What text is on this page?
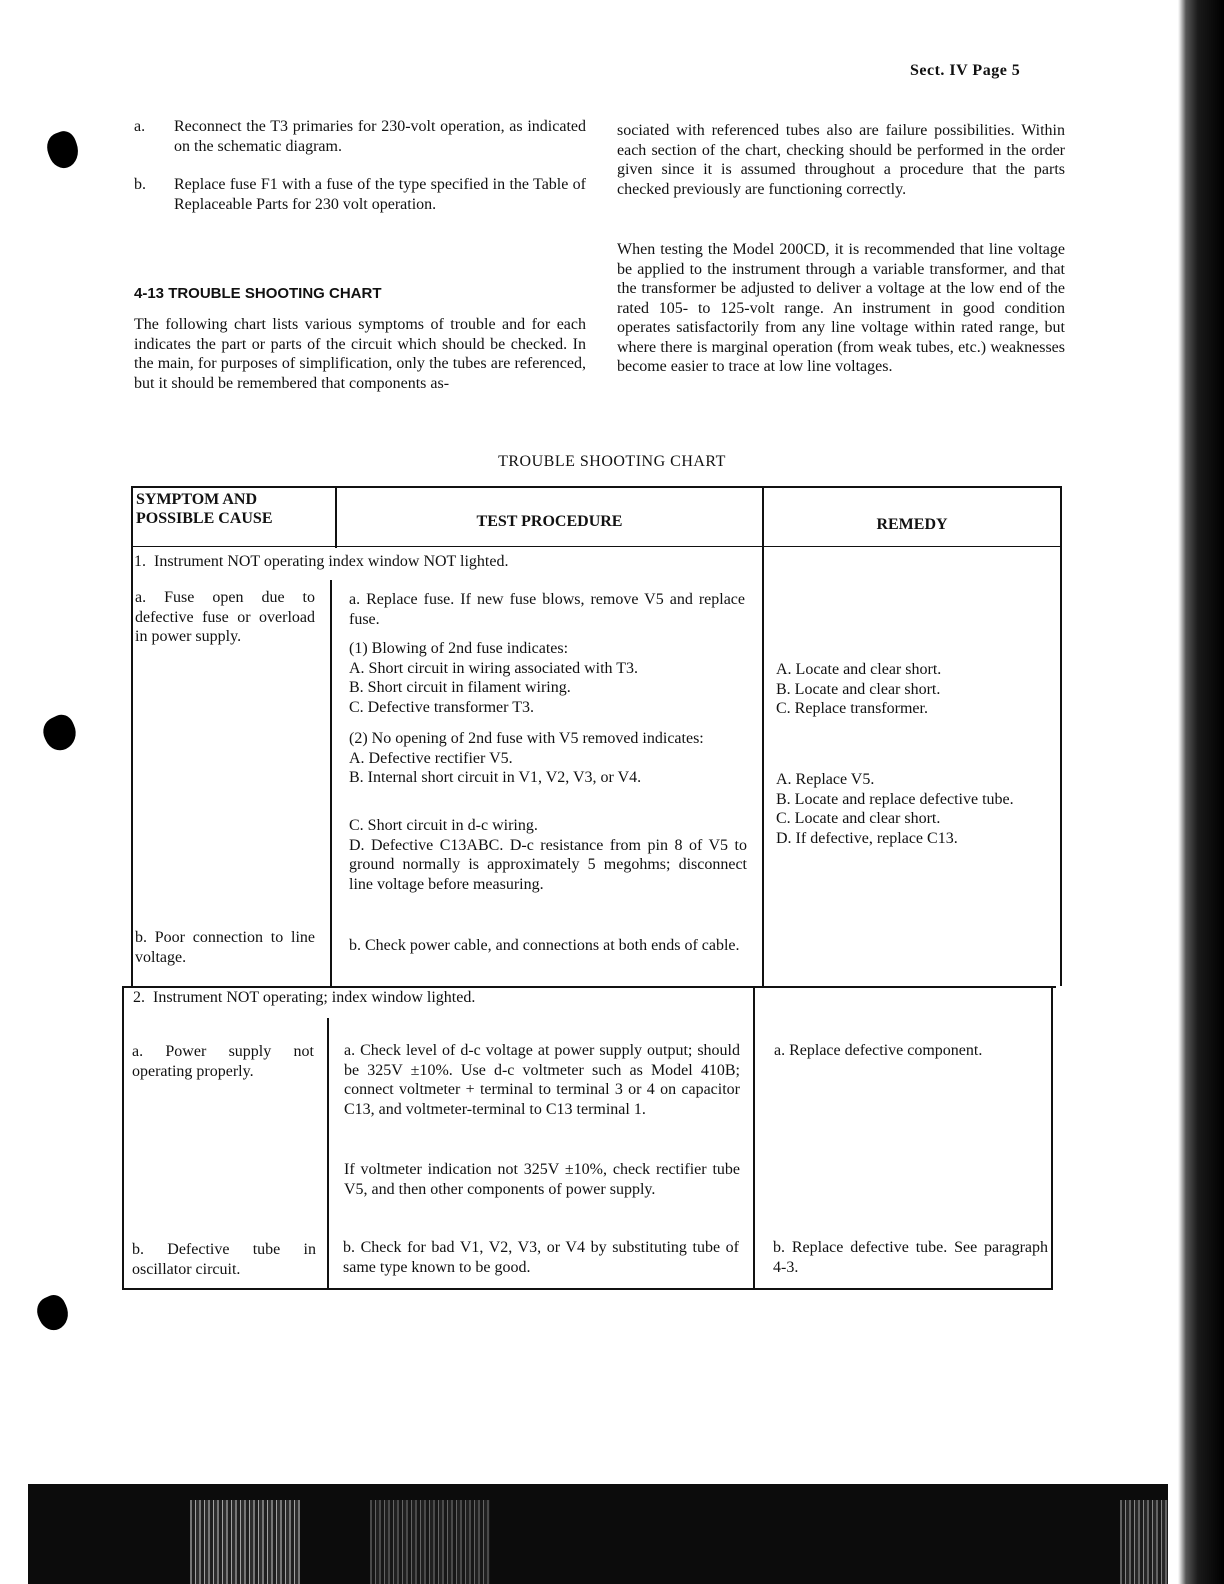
Sect. IV Page 5
a. Reconnect the T3 primaries for 230-volt operation, as indicated on the schematic diagram.
b. Replace fuse F1 with a fuse of the type specified in the Table of Replaceable Parts for 230 volt operation.
4-13 TROUBLE SHOOTING CHART
The following chart lists various symptoms of trouble and for each indicates the part or parts of the circuit which should be checked. In the main, for purposes of simplification, only the tubes are referenced, but it should be remembered that components as-
sociated with referenced tubes also are failure possibilities. Within each section of the chart, checking should be performed in the order given since it is assumed throughout a procedure that the parts checked previously are functioning correctly.
When testing the Model 200CD, it is recommended that line voltage be applied to the instrument through a variable transformer, and that the transformer be adjusted to deliver a voltage at the low end of the rated 105- to 125-volt range. An instrument in good condition operates satisfactorily from any line voltage within rated range, but where there is marginal operation (from weak tubes, etc.) weaknesses become easier to trace at low line voltages.
TROUBLE SHOOTING CHART
SYMPTOM AND
POSSIBLE CAUSE	TEST PROCEDURE	REMEDY
1.  Instrument NOT operating index window NOT lighted.
a. Fuse open due to defective fuse or overload in power supply.
a. Replace fuse. If new fuse blows, remove V5 and replace fuse.
(1) Blowing of 2nd fuse indicates:
A. Short circuit in wiring associated with T3.
B. Short circuit in filament wiring.
C. Defective transformer T3.
A. Locate and clear short.
B. Locate and clear short.
C. Replace transformer.
(2) No opening of 2nd fuse with V5 removed indicates:
A. Defective rectifier V5.
B. Internal short circuit in V1, V2, V3, or V4.
C. Short circuit in d-c wiring.
D. Defective C13ABC. D-c resistance from pin 8 of V5 to ground normally is approximately 5 megohms; disconnect line voltage before measuring.
A. Replace V5.
B. Locate and replace defective tube.
C. Locate and clear short.
D. If defective, replace C13.
b. Poor connection to line voltage.
b. Check power cable, and connections at both ends of cable.
2.  Instrument NOT operating; index window lighted.
a. Power supply not operating properly.
a. Check level of d-c voltage at power supply output; should be 325V ±10%. Use d-c voltmeter such as Model 410B; connect voltmeter + terminal to terminal 3 or 4 on capacitor C13, and voltmeter-terminal to C13 terminal 1.
If voltmeter indication not 325V ±10%, check rectifier tube V5, and then other components of power supply.
a. Replace defective component.
b. Defective tube in oscillator circuit.
b. Check for bad V1, V2, V3, or V4 by substituting tube of same type known to be good.
b. Replace defective tube. See paragraph 4-3.
